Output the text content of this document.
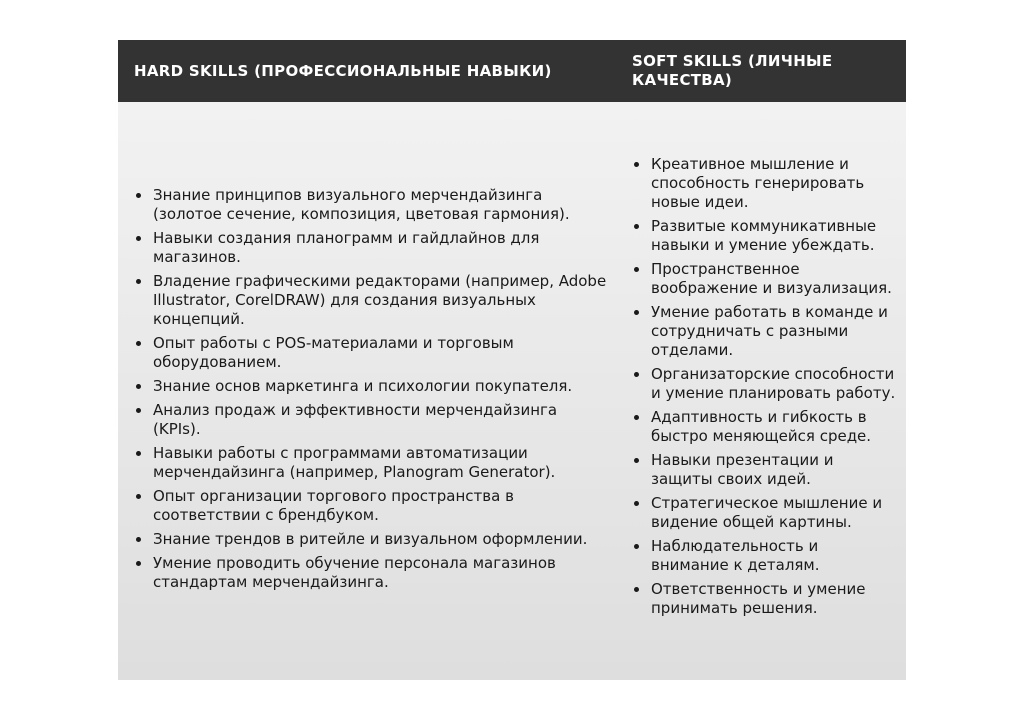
HARD SKILLS (ПРОФЕССИОНАЛЬНЫЕ НАВЫКИ)
SOFT SKILLS (ЛИЧНЫЕ КАЧЕСТВА)
Знание принципов визуального мерчендайзинга (золотое сечение, композиция, цветовая гармония).
Навыки создания планограмм и гайдлайнов для магазинов.
Владение графическими редакторами (например, Adobe Illustrator, CorelDRAW) для создания визуальных концепций.
Опыт работы с POS-материалами и торговым оборудованием.
Знание основ маркетинга и психологии покупателя.
Анализ продаж и эффективности мерчендайзинга (KPIs).
Навыки работы с программами автоматизации мерчендайзинга (например, Planogram Generator).
Опыт организации торгового пространства в соответствии с брендбуком.
Знание трендов в ритейле и визуальном оформлении.
Умение проводить обучение персонала магазинов стандартам мерчендайзинга.
Креативное мышление и способность генерировать новые идеи.
Развитые коммуникативные навыки и умение убеждать.
Пространственное воображение и визуализация.
Умение работать в команде и сотрудничать с разными отделами.
Организаторские способности и умение планировать работу.
Адаптивность и гибкость в быстро меняющейся среде.
Навыки презентации и защиты своих идей.
Стратегическое мышление и видение общей картины.
Наблюдательность и внимание к деталям.
Ответственность и умение принимать решения.
